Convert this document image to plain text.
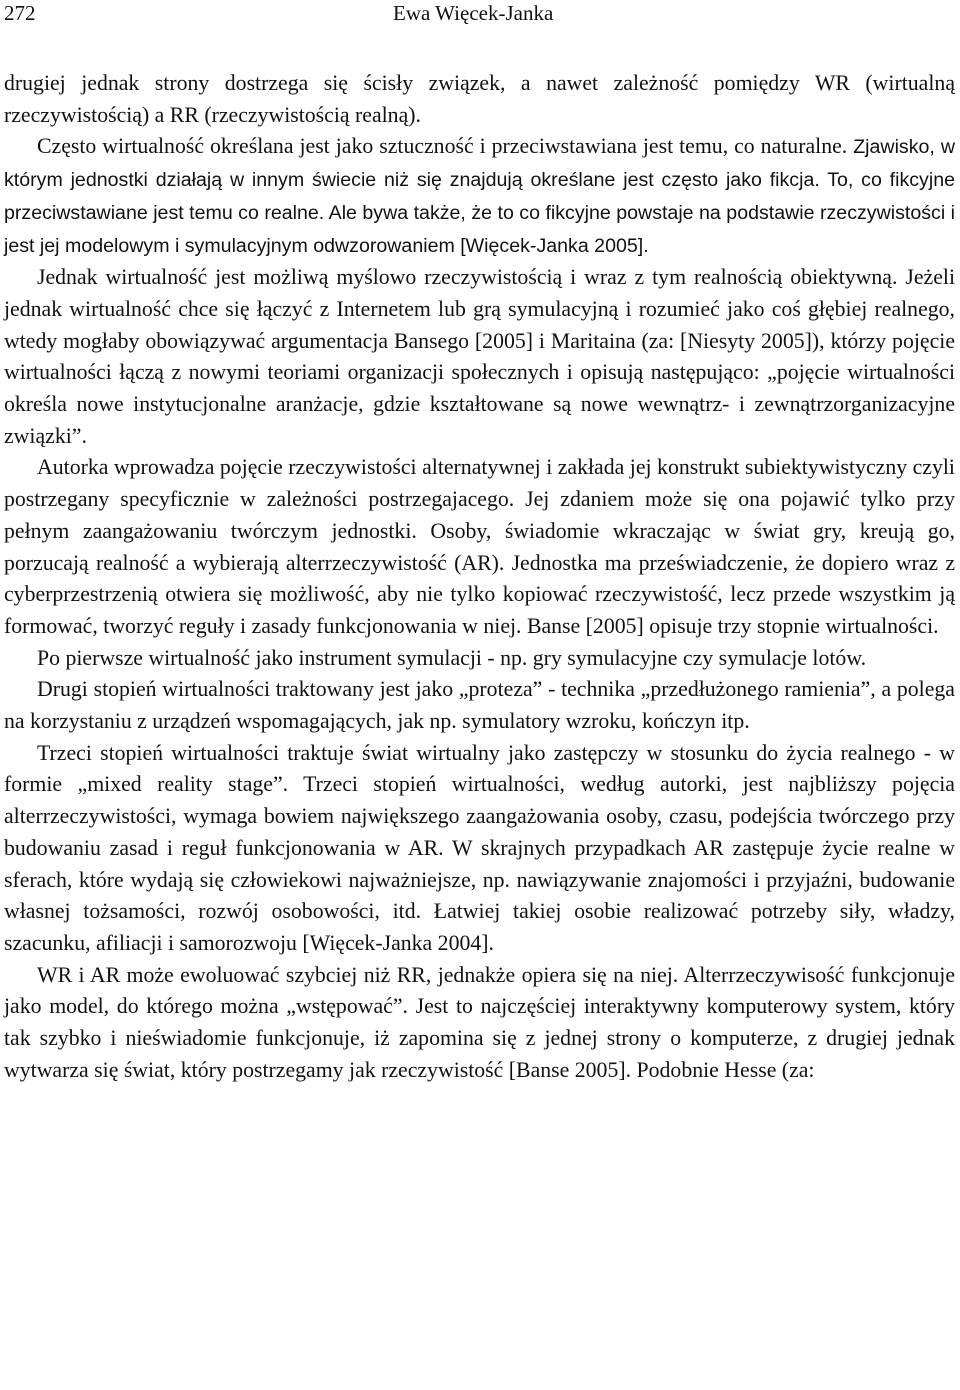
272	Ewa Więcek-Janka

drugiej jednak strony dostrzega się ścisły związek, a nawet zależność pomiędzy WR (wirtualną rzeczywistością) a RR (rzeczywistością realną).

Często wirtualność określana jest jako sztuczność i przeciwstawiana jest temu, co naturalne. Zjawisko, w którym jednostki działają w innym świecie niż się znajdują określane jest często jako fikcja. To, co fikcyjne przeciwstawiane jest temu co realne. Ale bywa także, że to co fikcyjne powstaje na podstawie rzeczywistości i jest jej modelowym i symulacyjnym odwzorowaniem [Więcek-Janka 2005].

Jednak wirtualność jest możliwą myślowo rzeczywistością i wraz z tym realnością obiektywną. Jeżeli jednak wirtualność chce się łączyć z Internetem lub grą symulacyjną i rozumieć jako coś głębiej realnego, wtedy mogłaby obowiązywać argumentacja Bansego [2005] i Maritaina (za: [Niesyty 2005]), którzy pojęcie wirtualności łączą z nowymi teoriami organizacji społecznych i opisują następująco: „pojęcie wirtualności określa nowe instytucjonalne aranżacje, gdzie kształtowane są nowe wewnątrz- i zewnątrzorganizacyjne związki”.

Autorka wprowadza pojęcie rzeczywistości alternatywnej i zakłada jej konstrukt subiektywistyczny czyli postrzegany specyficznie w zależności postrzegajacego. Jej zdaniem może się ona pojawić tylko przy pełnym zaangażowaniu twórczym jednostki. Osoby, świadomie wkraczając w świat gry, kreują go, porzucają realność a wybierają alterrzeczywistość (AR). Jednostka ma przeświadczenie, że dopiero wraz z cyberprzestrzenią otwiera się możliwość, aby nie tylko kopiować rzeczywistość, lecz przede wszystkim ją formować, tworzyć reguły i zasady funkcjonowania w niej. Banse [2005] opisuje trzy stopnie wirtualności.

Po pierwsze wirtualność jako instrument symulacji - np. gry symulacyjne czy symulacje lotów.

Drugi stopień wirtualności traktowany jest jako „proteza” - technika „przedłużonego ramienia”, a polega na korzystaniu z urządzeń wspomagających, jak np. symulatory wzroku, kończyn itp.

Trzeci stopień wirtualności traktuje świat wirtualny jako zastępczy w stosunku do życia realnego - w formie „mixed reality stage”. Trzeci stopień wirtualności, według autorki, jest najbliższy pojęcia alterrzeczywistości, wymaga bowiem największego zaangażowania osoby, czasu, podejścia twórczego przy budowaniu zasad i reguł funkcjonowania w AR. W skrajnych przypadkach AR zastępuje życie realne w sferach, które wydają się człowiekowi najważniejsze, np. nawiązywanie znajomości i przyjaźni, budowanie własnej tożsamości, rozwój osobowości, itd. Łatwiej takiej osobie realizować potrzeby siły, władzy, szacunku, afiliacji i samorozwoju [Więcek-Janka 2004].

WR i AR może ewoluować szybciej niż RR, jednakże opiera się na niej. Alterrzeczywisość funkcjonuje jako model, do którego można „wstępować”. Jest to najczęściej interaktywny komputerowy system, który tak szybko i nieświadomie funkcjonuje, iż zapomina się z jednej strony o komputerze, z drugiej jednak wytwarza się świat, który postrzegamy jak rzeczywistość [Banse 2005]. Podobnie Hesse (za:
